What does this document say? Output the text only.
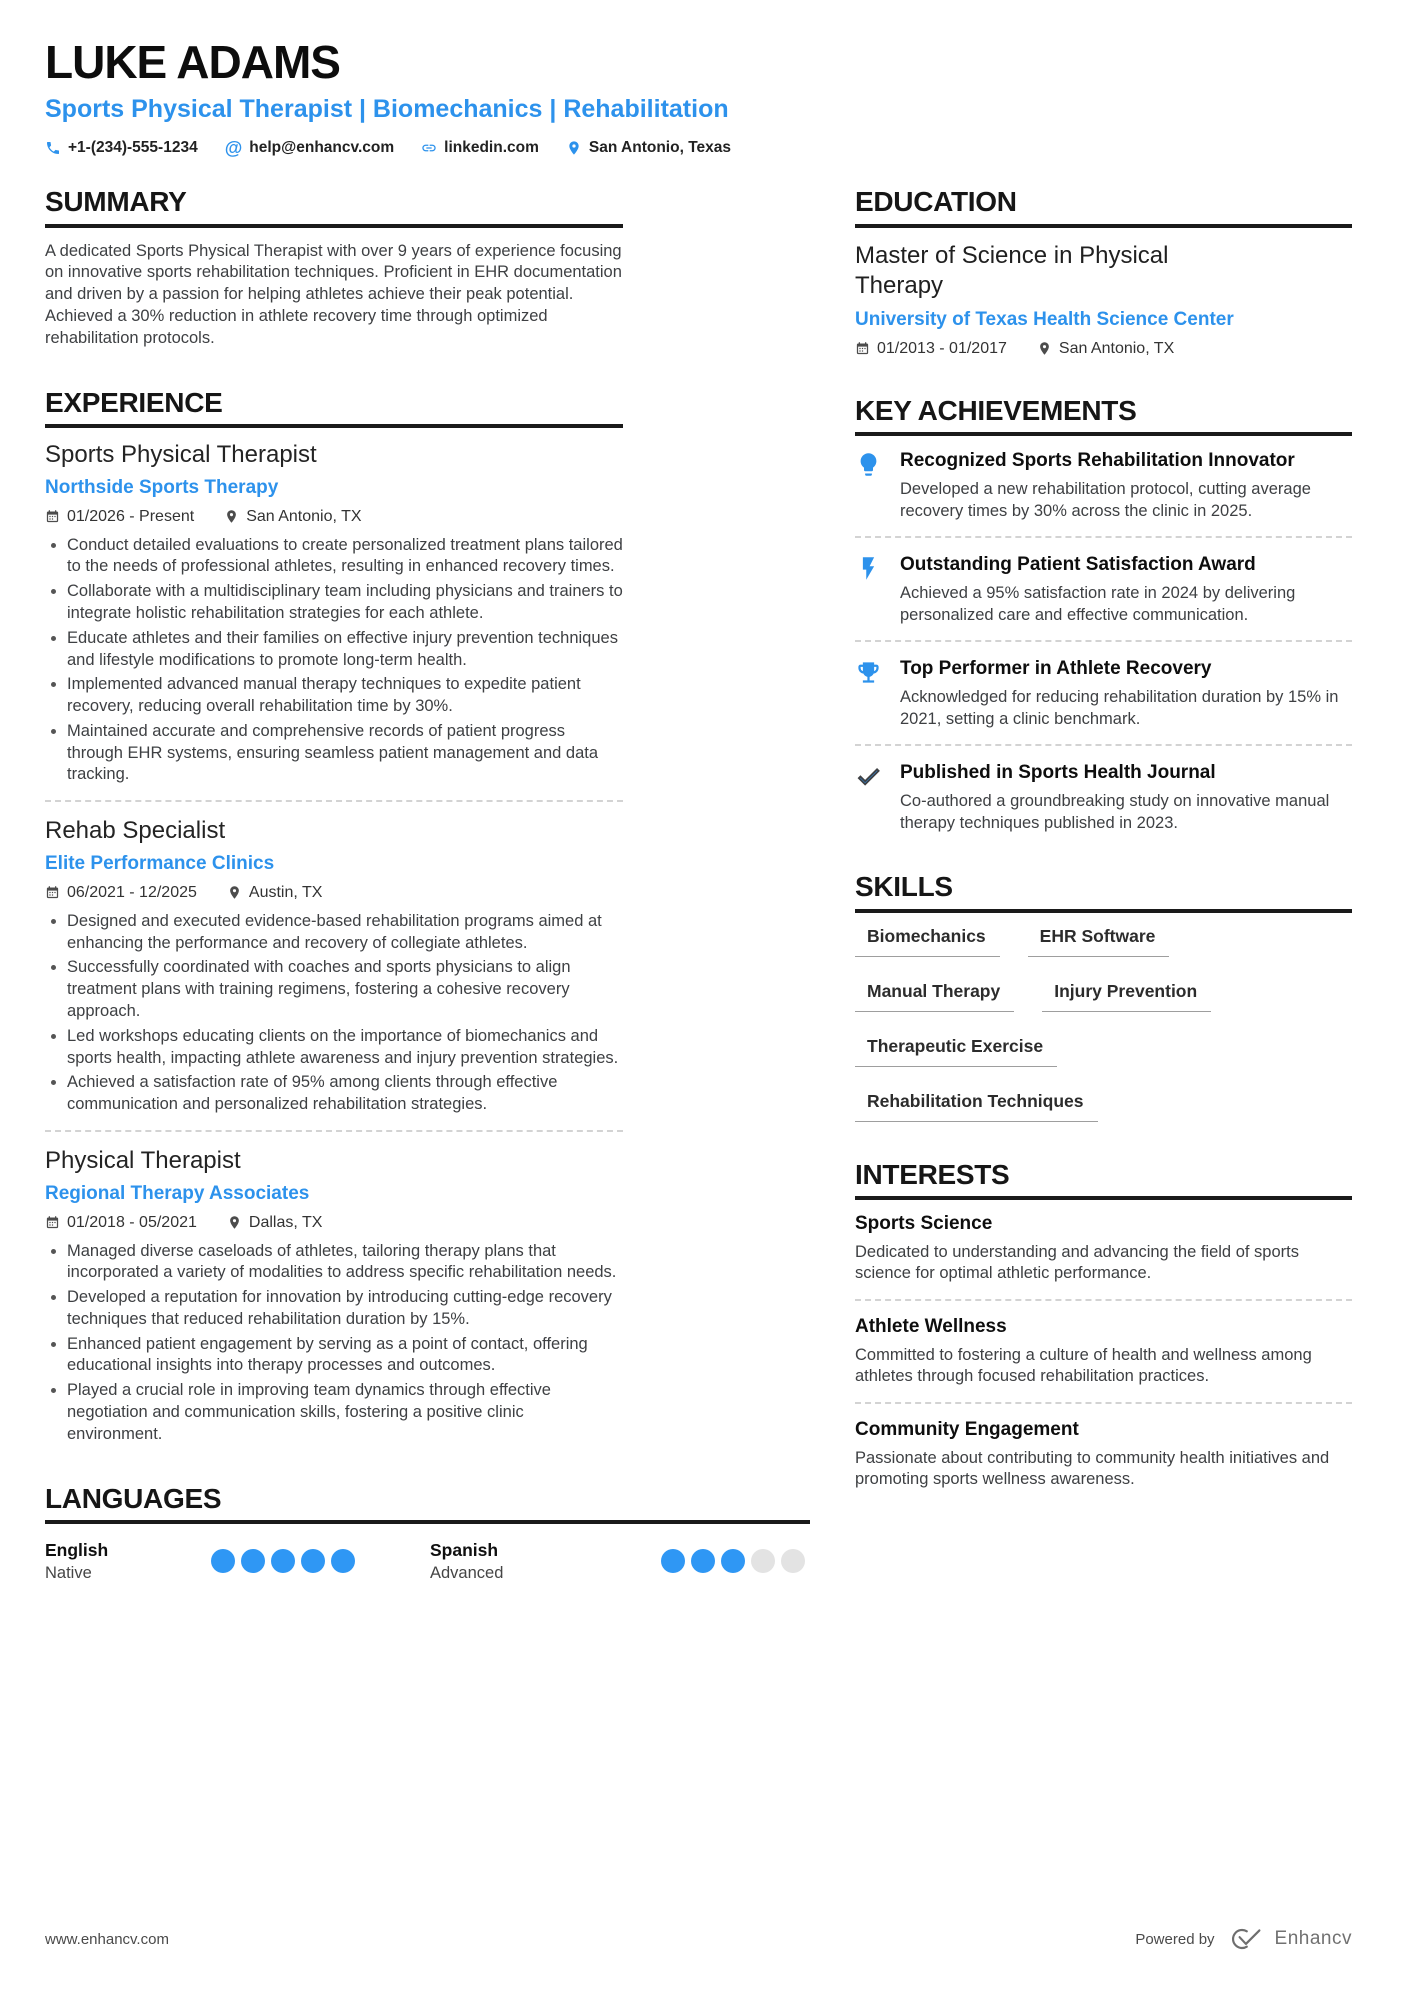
LUKE ADAMS
Sports Physical Therapist | Biomechanics | Rehabilitation
+1-(234)-555-1234 @ help@enhancv.com	linkedin.com	San Antonio, Texas
SUMMARY

A dedicated Sports Physical Therapist with over 9 years of experience focusing on innovative sports rehabilitation techniques. Proficient in EHR documentation and driven by a passion for helping athletes achieve their peak potential. Achieved a 30% reduction in athlete recovery time through optimized rehabilitation protocols.

EXPERIENCE
Sports Physical Therapist
Northside Sports Therapy
01/2026 - Present	San Antonio, TX
• Conduct detailed evaluations to create personalized treatment plans tailored to the needs of professional athletes, resulting in enhanced recovery times.
• Collaborate with a multidisciplinary team including physicians and trainers to integrate holistic rehabilitation strategies for each athlete.
• Educate athletes and their families on effective injury prevention techniques and lifestyle modifications to promote long-term health.
• Implemented advanced manual therapy techniques to expedite patient recovery, reducing overall rehabilitation time by 30%.
• Maintained accurate and comprehensive records of patient progress through EHR systems, ensuring seamless patient management and data tracking.
Rehab Specialist
Elite Performance Clinics
06/2021 - 12/2025	Austin, TX
• Designed and executed evidence-based rehabilitation programs aimed at enhancing the performance and recovery of collegiate athletes.
• Successfully coordinated with coaches and sports physicians to align treatment plans with training regimens, fostering a cohesive recovery approach.
• Led workshops educating clients on the importance of biomechanics and sports health, impacting athlete awareness and injury prevention strategies.
• Achieved a satisfaction rate of 95% among clients through effective communication and personalized rehabilitation strategies.
Physical Therapist
Regional Therapy Associates
01/2018 - 05/2021	Dallas, TX
• Managed diverse caseloads of athletes, tailoring therapy plans that incorporated a variety of modalities to address specific rehabilitation needs.
• Developed a reputation for innovation by introducing cutting-edge recovery techniques that reduced rehabilitation duration by 15%.
• Enhanced patient engagement by serving as a point of contact, offering educational insights into therapy processes and outcomes.
• Played a crucial role in improving team dynamics through effective negotiation and communication skills, fostering a positive clinic environment.
LANGUAGES
English
Native
Spanish
Advanced
EDUCATION
Master of Science in Physical Therapy
University of Texas Health Science Center
01/2013 - 01/2017	San Antonio, TX
KEY ACHIEVEMENTS
Recognized Sports Rehabilitation Innovator
Developed a new rehabilitation protocol, cutting average recovery times by 30% across the clinic in 2025.
Outstanding Patient Satisfaction Award
Achieved a 95% satisfaction rate in 2024 by delivering personalized care and effective communication.
Top Performer in Athlete Recovery
Acknowledged for reducing rehabilitation duration by 15% in 2021, setting a clinic benchmark.
Published in Sports Health Journal
Co-authored a groundbreaking study on innovative manual therapy techniques published in 2023.
SKILLS
Biomechanics	EHR Software
Manual Therapy	Injury Prevention
Therapeutic Exercise
Rehabilitation Techniques
INTERESTS
Sports Science
Dedicated to understanding and advancing the field of sports science for optimal athletic performance.
Athlete Wellness
Committed to fostering a culture of health and wellness among athletes through focused rehabilitation practices.
Community Engagement
Passionate about contributing to community health initiatives and promoting sports wellness awareness.
www.enhancv.com	Powered by	Enhancv
